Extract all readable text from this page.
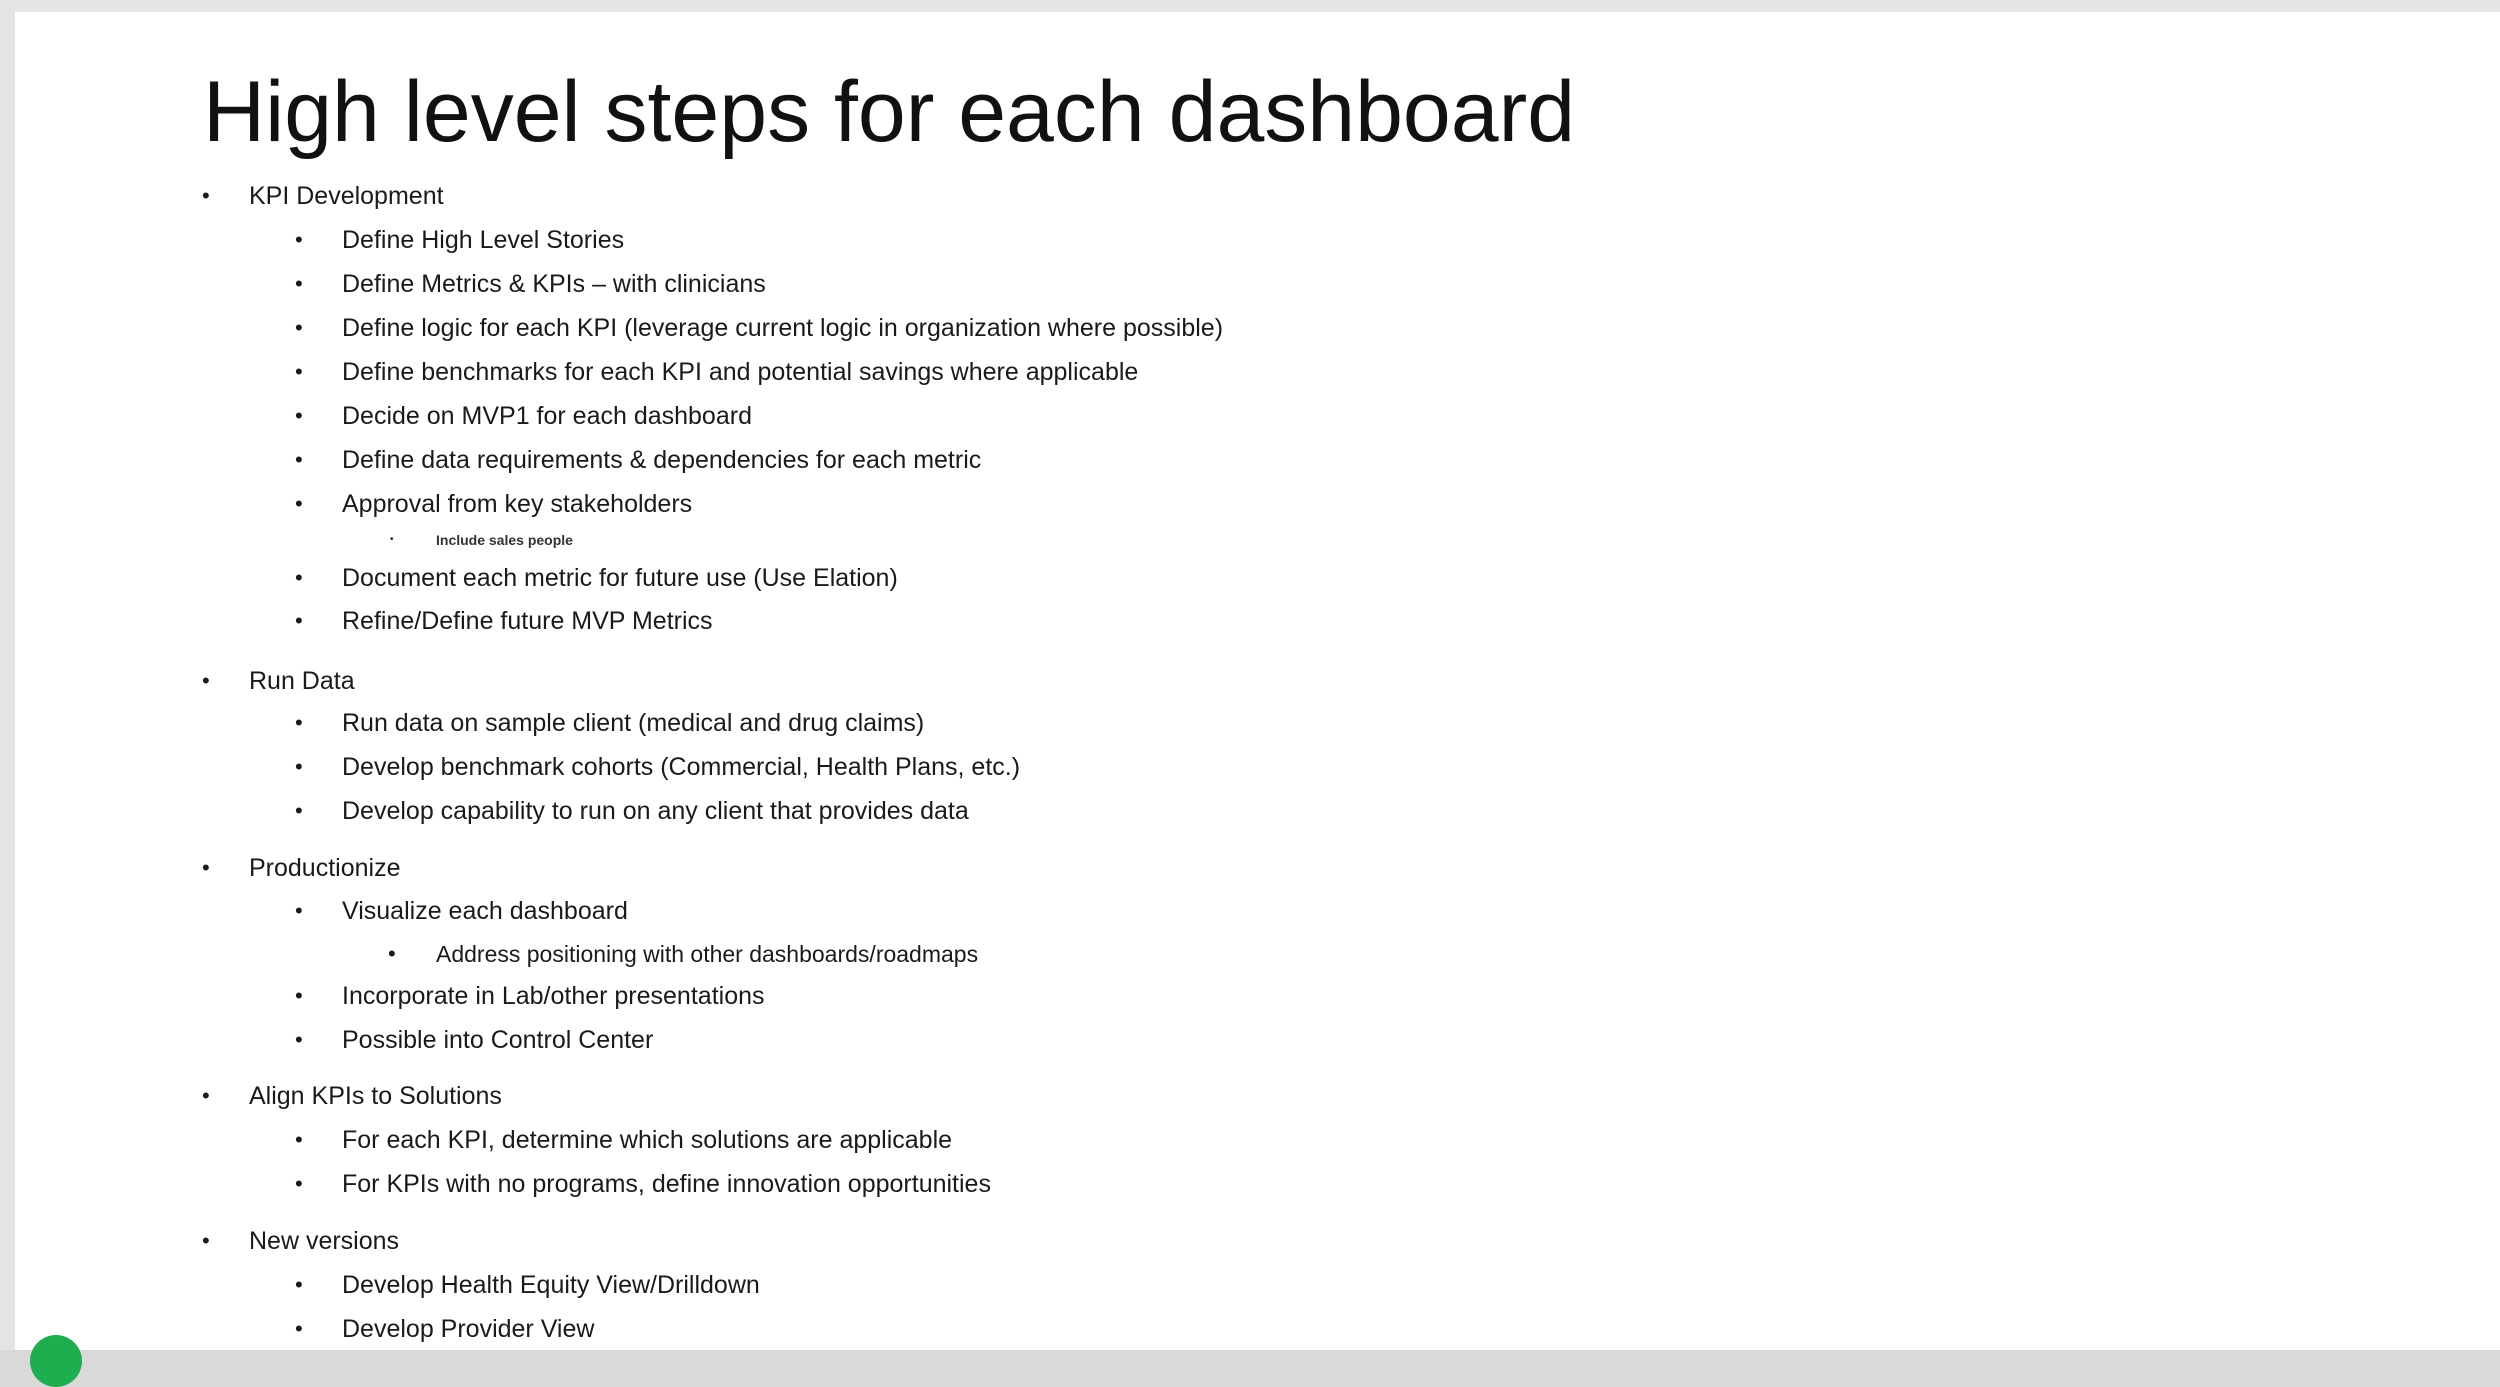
High level steps for each dashboard
• KPI Development
• Define High Level Stories
• Define Metrics & KPIs – with clinicians
• Define logic for each KPI (leverage current logic in organization where possible)
• Define benchmarks for each KPI and potential savings where applicable
• Decide on MVP1 for each dashboard
• Define data requirements & dependencies for each metric
• Approval from key stakeholders
•	Include sales people
• Document each metric for future use (Use Elation)
• Refine/Define future MVP Metrics
• Run Data
• Run data on sample client (medical and drug claims)
• Develop benchmark cohorts (Commercial, Health Plans, etc.)
• Develop capability to run on any client that provides data
• Productionize
• Visualize each dashboard
• Address positioning with other dashboards/roadmaps
• Incorporate in Lab/other presentations
• Possible into Control Center
• Align KPIs to Solutions
• For each KPI, determine which solutions are applicable
• For KPIs with no programs, define innovation opportunities
• New versions
• Develop Health Equity View/Drilldown
• Develop Provider View
